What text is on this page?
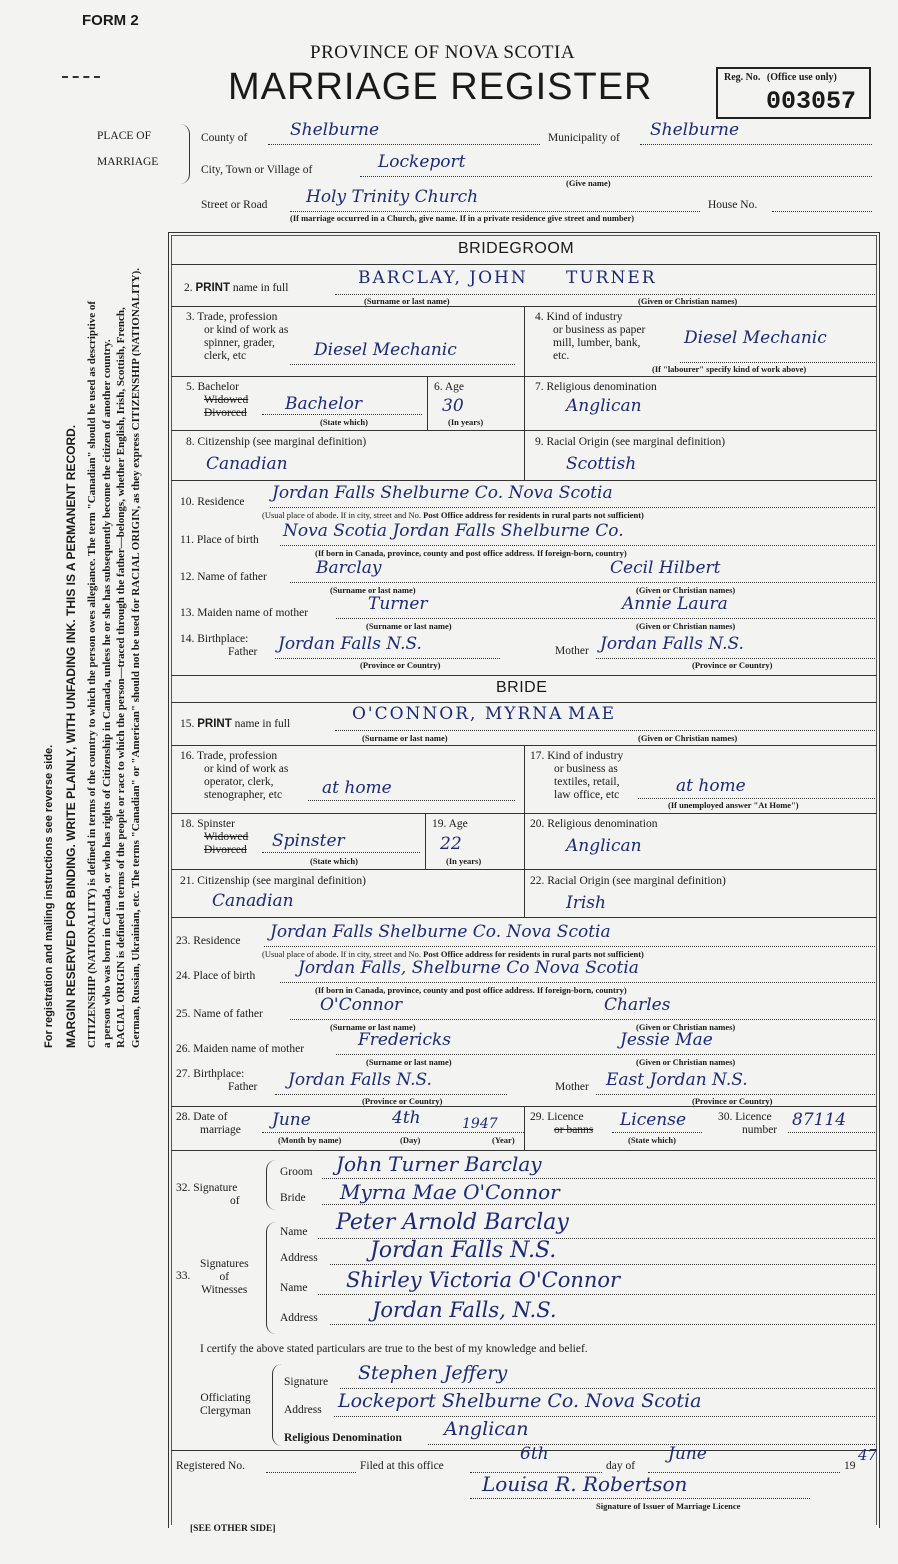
FORM 2
PROVINCE OF NOVA SCOTIA
MARRIAGE REGISTER	Reg. No. (Office use only)
003057
PLACE OF
MARRIAGE
County of	Shelburne	Municipality of Shelburne
City, Town or Village of	Lockeport
(Give name)
Street or Road Holy Trinity Church	House No.
(If marriage occurred in a Church, give name. If in a private residence give street and number)
For registration and mailing instructions see reverse side. MARGIN RESERVED FOR BINDING. WRITE PLAINLY, WITH UNFADING INK. THIS IS A PERMANENT RECORD. CITIZENSHIP (NATIONALITY) is defined in terms of the country to which the person owes allegiance. The term "Canadian" should be used as descriptive of a person who was born in Canada, or who has rights of Citizenship in Canada, unless he or she has subsequently become the citizen of another country. RACIAL ORIGIN is defined in terms of the people or race to which the person—traced through the father—belongs, whether English, Irish, Scottish, French, German, Russian, Ukrainian, etc. The terms "Canadian" or "American" should not be used for RACIAL ORIGIN, as they express CITIZENSHIP (NATIONALITY).
BRIDEGROOM
2. PRINT name in full	BARCLAY, JOHN TURNER
(Surname or last name)	(Given or Christian names)
3. Trade, profession
or kind of work as
spinner, grader,
clerk, etc	Diesel Mechanic
4. Kind of industry
or business as paper
mill, lumber, bank,
etc.
Diesel Mechanic
(If "labourer" specify kind of work above)
5. Bachelor
Widowed
Divorced Bachelor
(State which)
6. Age
30
(In years)
7. Religious denomination
Anglican
8. Citizenship (see marginal definition)
Canadian
9. Racial Origin (see marginal definition)
Scottish
10. Residence Jordan Falls Shelburne Co. Nova Scotia
(Usual place of abode. If in city, street and No. Post Office address for residents in rural parts not sufficient)
11. Place of birth Nova Scotia Jordan Falls Shelburne Co.
(If born in Canada, province, county and post office address. If foreign-born, country)
12. Name of father	Barclay	Cecil Hilbert
(Surname or last name)	(Given or Christian names)
13. Maiden name of mother	Turner	Annie Laura
(Surname or last name)	(Given or Christian names)
14. Birthplace:
Father Jordan Falls N.S.
(Province or Country)
Mother Jordan Falls N.S.
(Province or Country)
BRIDE
15. PRINT name in full	O'CONNOR, MYRNA MAE
(Surname or last name)	(Given or Christian names)
16. Trade, profession
or kind of work as
operator, clerk,
stenographer, etc	at home
17. Kind of industry
or business as
textiles, retail,
law office, etc	at home
(If unemployed answer "At Home")
18. Spinster
Widowed
Divorced Spinster
(State which)
19. Age
22
(In years)
20. Religious denomination
Anglican
21. Citizenship (see marginal definition)
Canadian
22. Racial Origin (see marginal definition)
Irish
23. Residence Jordan Falls Shelburne Co. Nova Scotia
(Usual place of abode. If in city, street and No. Post Office address for residents in rural parts not sufficient)
24. Place of birth	Jordan Falls, Shelburne Co Nova Scotia
(If born in Canada, province, county and post office address. If foreign-born, country)
25. Name of father	O'Connor	Charles
(Surname or last name)	(Given or Christian names)
26. Maiden name of mother	Fredericks	Jessie Mae
(Surname or last name)	(Given or Christian names)
27. Birthplace:
Father Jordan Falls N.S.
(Province or Country)
Mother East Jordan N.S.
(Province or Country)
28. Date of
marriage June	4th	1947
(Month by name)	(Day)	(Year)
29. Licence
or banns License
(State which)
30. Licence
number 87114
32. Signature
of
Groom John Turner Barclay
Bride Myrna Mae O'Connor
Signatures
of
Witnesses
33.
Name Peter Arnold Barclay
Address Jordan Falls N.S.
Name Shirley Victoria O'Connor
Address	Jordan Falls, N.S.
I certify the above stated particulars are true to the best of my knowledge and belief.
Officiating
Clergyman
Signature Stephen Jeffery
Address Lockeport Shelburne Co. Nova Scotia
Religious Denomination Anglican
Registered No.	Filed at this office
6th
day of
June
19
47
Louisa R. Robertson
Signature of Issuer of Marriage Licence
[SEE OTHER SIDE]
